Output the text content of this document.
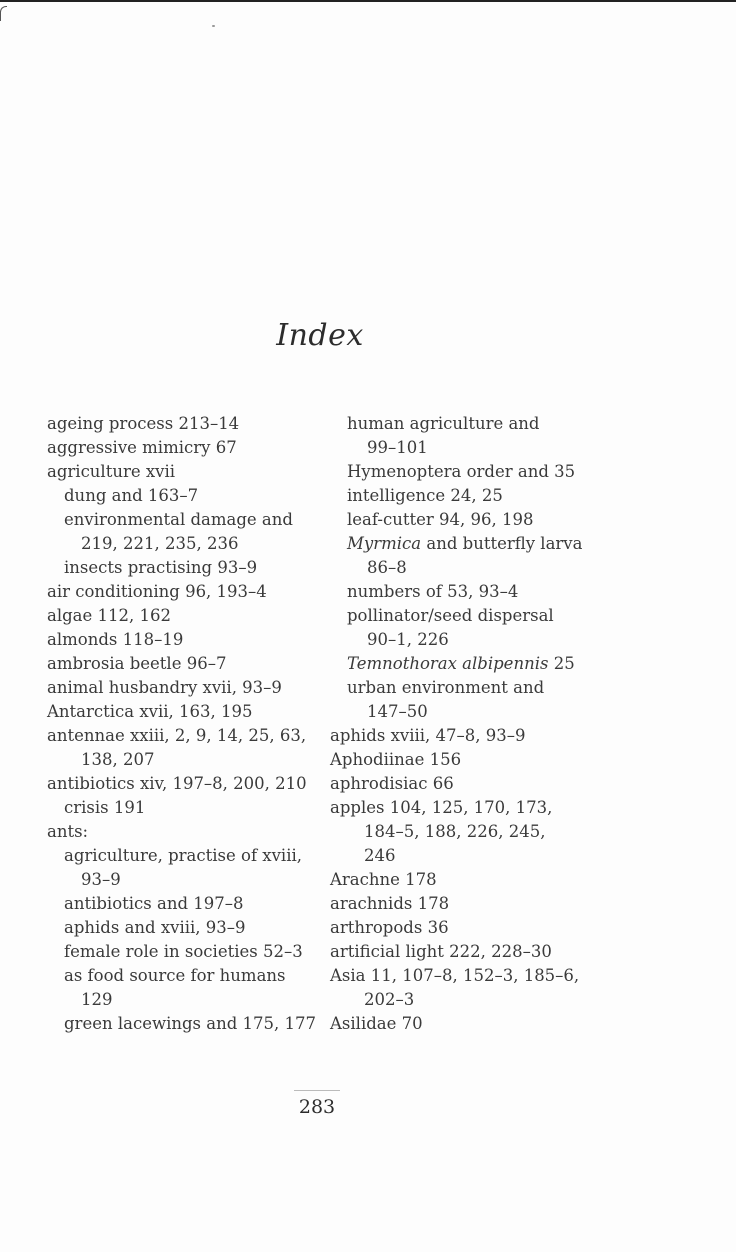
Index
ageing process 213–14
aggressive mimicry 67
agriculture xvii
dung and 163–7
environmental damage and
219, 221, 235, 236
insects practising 93–9
air conditioning 96, 193–4
algae 112, 162
almonds 118–19
ambrosia beetle 96–7
animal husbandry xvii, 93–9
Antarctica xvii, 163, 195
antennae xxiii, 2, 9, 14, 25, 63,
138, 207
antibiotics xiv, 197–8, 200, 210
crisis 191
ants:
agriculture, practise of xviii,
93–9
antibiotics and 197–8
aphids and xviii, 93–9
female role in societies 52–3
as food source for humans
129
green lacewings and 175, 177
human agriculture and
99–101
Hymenoptera order and 35
intelligence 24, 25
leaf-cutter 94, 96, 198
Myrmica and butterfly larva
86–8
numbers of 53, 93–4
pollinator/seed dispersal
90–1, 226
Temnothorax albipennis 25
urban environment and
147–50
aphids xviii, 47–8, 93–9
Aphodiinae 156
aphrodisiac 66
apples 104, 125, 170, 173,
184–5, 188, 226, 245,
246
Arachne 178
arachnids 178
arthropods 36
artificial light 222, 228–30
Asia 11, 107–8, 152–3, 185–6,
202–3
Asilidae 70
283
